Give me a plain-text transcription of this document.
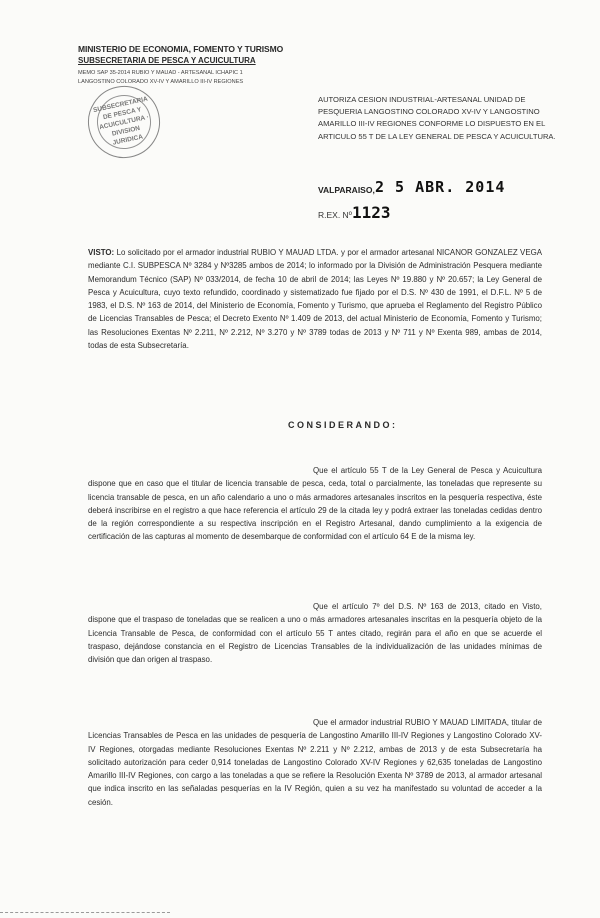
MINISTERIO DE ECONOMIA, FOMENTO Y TURISMO
SUBSECRETARIA DE PESCA Y ACUICULTURA
MEMO SAP 35-2014 RUBIO Y MAUAD - ARTESANAL ICHAPIC 1
LANGOSTINO COLORADO XV-IV Y AMARILLO III-IV REGIONES
SUBSECRETARIA DE PESCA Y ACUICULTURA · DIVISION JURIDICA
AUTORIZA CESION INDUSTRIAL-ARTESANAL UNIDAD DE PESQUERIA LANGOSTINO COLORADO XV-IV Y LANGOSTINO AMARILLO III-IV REGIONES CONFORME LO DISPUESTO EN EL ARTICULO 55 T DE LA LEY GENERAL DE PESCA Y ACUICULTURA.
VALPARAISO, 2 5 ABR. 2014
R.EX. Nº 1123
VISTO: Lo solicitado por el armador industrial RUBIO Y MAUAD LTDA. y por el armador artesanal NICANOR GONZALEZ VEGA mediante C.I. SUBPESCA Nº 3284 y Nº3285 ambos de 2014; lo informado por la División de Administración Pesquera mediante Memorandum Técnico (SAP) Nº 033/2014, de fecha 10 de abril de 2014; las Leyes Nº 19.880 y Nº 20.657; la Ley General de Pesca y Acuicultura, cuyo texto refundido, coordinado y sistematizado fue fijado por el D.S. Nº 430 de 1991, el D.F.L. Nº 5 de 1983, el D.S. Nº 163 de 2014, del Ministerio de Economía, Fomento y Turismo, que aprueba el Reglamento del Registro Público de Licencias Transables de Pesca; el Decreto Exento Nº 1.409 de 2013, del actual Ministerio de Economía, Fomento y Turismo; las Resoluciones Exentas Nº 2.211, Nº 2.212, Nº 3.270 y Nº 3789 todas de 2013 y Nº 711 y Nº Exenta 989, ambas de 2014, todas de esta Subsecretaría.
CONSIDERANDO:
Que el artículo 55 T de la Ley General de Pesca y Acuicultura dispone que en caso que el titular de licencia transable de pesca, ceda, total o parcialmente, las toneladas que represente su licencia transable de pesca, en un año calendario a uno o más armadores artesanales inscritos en la pesquería respectiva, éste deberá inscribirse en el registro a que hace referencia el artículo 29 de la citada ley y podrá extraer las toneladas cedidas dentro de la región correspondiente a su respectiva inscripción en el Registro Artesanal, dando cumplimiento a la exigencia de certificación de las capturas al momento de desembarque de conformidad con el artículo 64 E de la misma ley.
Que el artículo 7º del D.S. Nº 163 de 2013, citado en Visto, dispone que el traspaso de toneladas que se realicen a uno o más armadores artesanales inscritas en la pesquería objeto de la Licencia Transable de Pesca, de conformidad con el artículo 55 T antes citado, regirán para el año en que se acuerde el traspaso, dejándose constancia en el Registro de Licencias Transables de la individualización de las unidades mínimas de división que dan origen al traspaso.
Que el armador industrial RUBIO Y MAUAD LIMITADA, titular de Licencias Transables de Pesca en las unidades de pesquería de Langostino Amarillo III-IV Regiones y Langostino Colorado XV-IV Regiones, otorgadas mediante Resoluciones Exentas Nº 2.211 y Nº 2.212, ambas de 2013 y de esta Subsecretaría ha solicitado autorización para ceder 0,914 toneladas de Langostino Colorado XV-IV Regiones y 62,635 toneladas de Langostino Amarillo III-IV Regiones, con cargo a las toneladas a que se refiere la Resolución Exenta Nº 3789 de 2013, al armador artesanal que indica inscrito en las señaladas pesquerías en la IV Región, quien a su vez ha manifestado su voluntad de acceder a la cesión.
